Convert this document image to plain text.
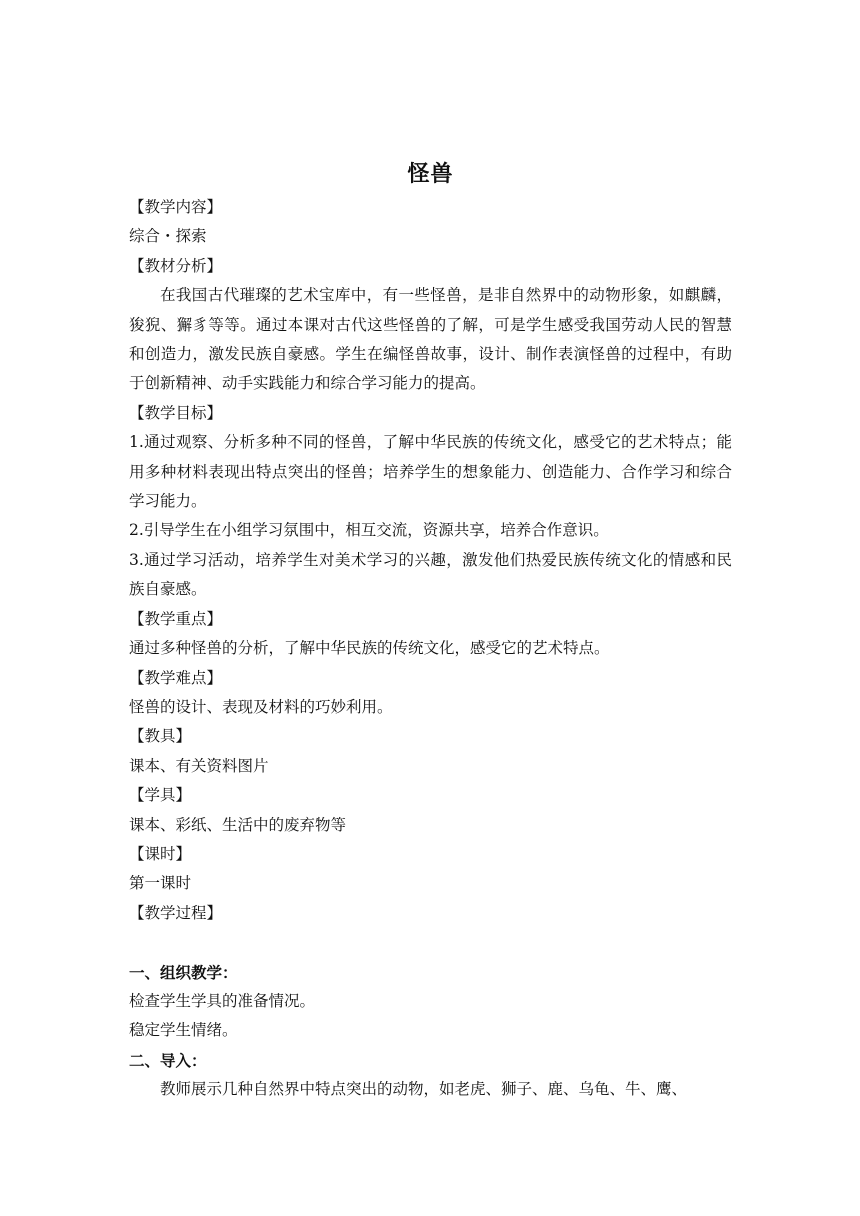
怪兽

【教学内容】

综合・探索

【教材分析】

在我国古代璀璨的艺术宝库中，有一些怪兽，是非自然界中的动物形象，如麒麟，狻猊、獬豸等等。通过本课对古代这些怪兽的了解，可是学生感受我国劳动人民的智慧和创造力，激发民族自豪感。学生在编怪兽故事，设计、制作表演怪兽的过程中，有助于创新精神、动手实践能力和综合学习能力的提高。

【教学目标】

1.通过观察、分析多种不同的怪兽，了解中华民族的传统文化，感受它的艺术特点；能用多种材料表现出特点突出的怪兽；培养学生的想象能力、创造能力、合作学习和综合学习能力。

2.引导学生在小组学习氛围中，相互交流，资源共享，培养合作意识。

3.通过学习活动，培养学生对美术学习的兴趣，激发他们热爱民族传统文化的情感和民族自豪感。

【教学重点】

通过多种怪兽的分析，了解中华民族的传统文化，感受它的艺术特点。

【教学难点】

怪兽的设计、表现及材料的巧妙利用。

【教具】

课本、有关资料图片

【学具】

课本、彩纸、生活中的废弃物等

【课时】

第一课时

【教学过程】

一、组织教学：

检查学生学具的准备情况。

稳定学生情绪。

二、导入：

教师展示几种自然界中特点突出的动物，如老虎、狮子、鹿、乌龟、牛、鹰、
